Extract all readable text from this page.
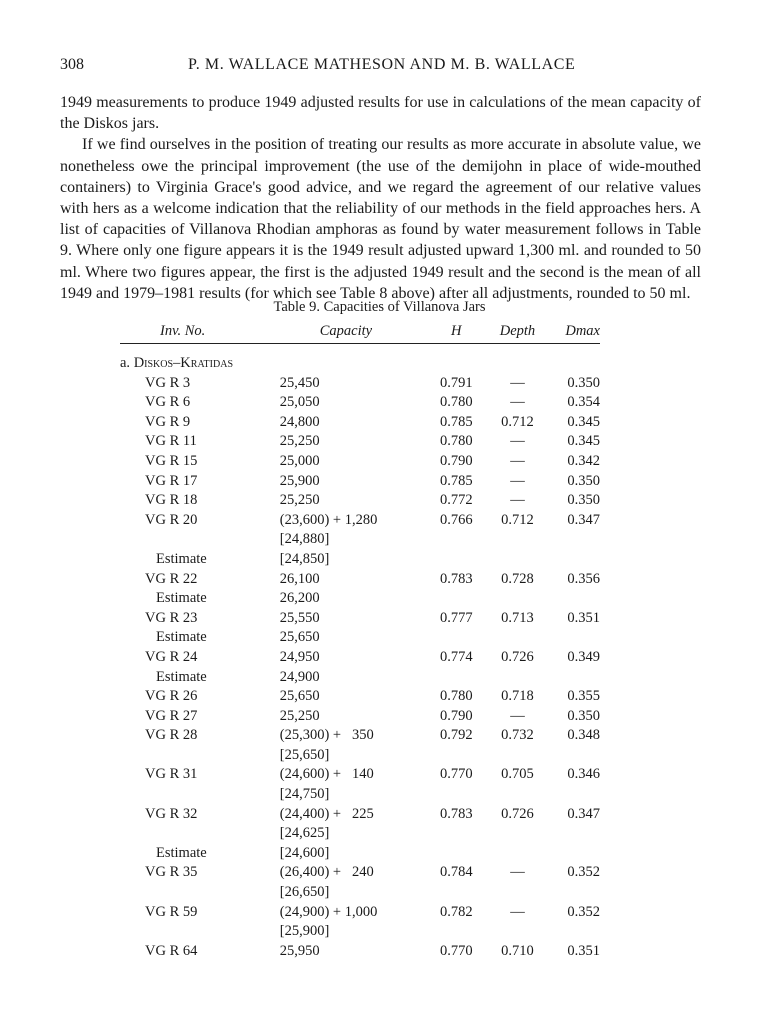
308	P. M. WALLACE MATHESON AND M. B. WALLACE

1949 measurements to produce 1949 adjusted results for use in calculations of the mean capacity of the Diskos jars.

If we find ourselves in the position of treating our results as more accurate in absolute value, we nonetheless owe the principal improvement (the use of the demijohn in place of wide-mouthed containers) to Virginia Grace's good advice, and we regard the agreement of our relative values with hers as a welcome indication that the reliability of our methods in the field approaches hers. A list of capacities of Villanova Rhodian amphoras as found by water measurement follows in Table 9. Where only one figure appears it is the 1949 result adjusted upward 1,300 ml. and rounded to 50 ml. Where two figures appear, the first is the adjusted 1949 result and the second is the mean of all 1949 and 1979–1981 results (for which see Table 8 above) after all adjustments, rounded to 50 ml.

Table 9. Capacities of Villanova Jars
Inv. No.	Capacity	H	Depth	Dmax
a. Diskos–Kratidas				
VG R 3	25,450	0.791	—	0.350
VG R 6	25,050	0.780	—	0.354
VG R 9	24,800	0.785	0.712	0.345
VG R 11	25,250	0.780	—	0.345
VG R 15	25,000	0.790	—	0.342
VG R 17	25,900	0.785	—	0.350
VG R 18	25,250	0.772	—	0.350
VG R 20	(23,600) + 1,280	0.766	0.712	0.347
	[24,880]			
Estimate	[24,850]			
VG R 22	26,100	0.783	0.728	0.356
Estimate	26,200			
VG R 23	25,550	0.777	0.713	0.351
Estimate	25,650			
VG R 24	24,950	0.774	0.726	0.349
Estimate	24,900			
VG R 26	25,650	0.780	0.718	0.355
VG R 27	25,250	0.790	—	0.350
VG R 28	(25,300) +   350	0.792	0.732	0.348
	[25,650]			
VG R 31	(24,600) +   140	0.770	0.705	0.346
	[24,750]			
VG R 32	(24,400) +   225	0.783	0.726	0.347
	[24,625]			
Estimate	[24,600]			
VG R 35	(26,400) +   240	0.784	—	0.352
	[26,650]			
VG R 59	(24,900) + 1,000	0.782	—	0.352
	[25,900]			
VG R 64	25,950	0.770	0.710	0.351
